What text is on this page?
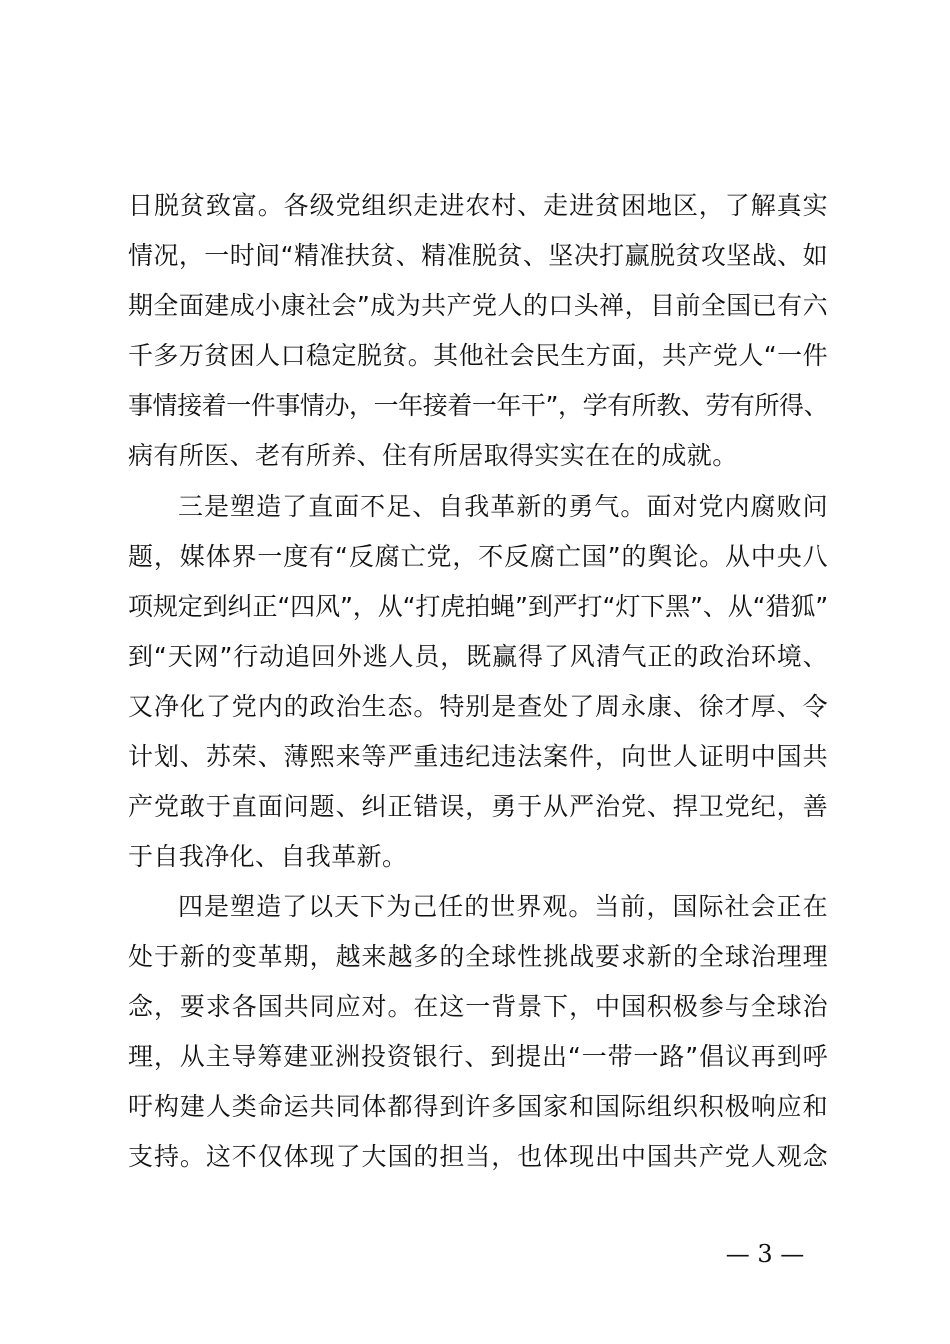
日脱贫致富。各级党组织走进农村、走进贫困地区，了解真实
情况，一时间“精准扶贫、精准脱贫、坚决打赢脱贫攻坚战、如
期全面建成小康社会”成为共产党人的口头禅，目前全国已有六
千多万贫困人口稳定脱贫。其他社会民生方面，共产党人“一件
事情接着一件事情办，一年接着一年干”，学有所教、劳有所得、
病有所医、老有所养、住有所居取得实实在在的成就。
三是塑造了直面不足、自我革新的勇气。面对党内腐败问
题，媒体界一度有“反腐亡党，不反腐亡国”的舆论。从中央八
项规定到纠正“四风”，从“打虎拍蝇”到严打“灯下黑”、从“猎狐”
到“天网”行动追回外逃人员，既赢得了风清气正的政治环境、
又净化了党内的政治生态。特别是查处了周永康、徐才厚、令
计划、苏荣、薄熙来等严重违纪违法案件，向世人证明中国共
产党敢于直面问题、纠正错误，勇于从严治党、捍卫党纪，善
于自我净化、自我革新。
四是塑造了以天下为己任的世界观。当前，国际社会正在
处于新的变革期，越来越多的全球性挑战要求新的全球治理理
念，要求各国共同应对。在这一背景下，中国积极参与全球治
理，从主导筹建亚洲投资银行、到提出“一带一路”倡议再到呼
吁构建人类命运共同体都得到许多国家和国际组织积极响应和
支持。这不仅体现了大国的担当，也体现出中国共产党人观念
— 3 —
